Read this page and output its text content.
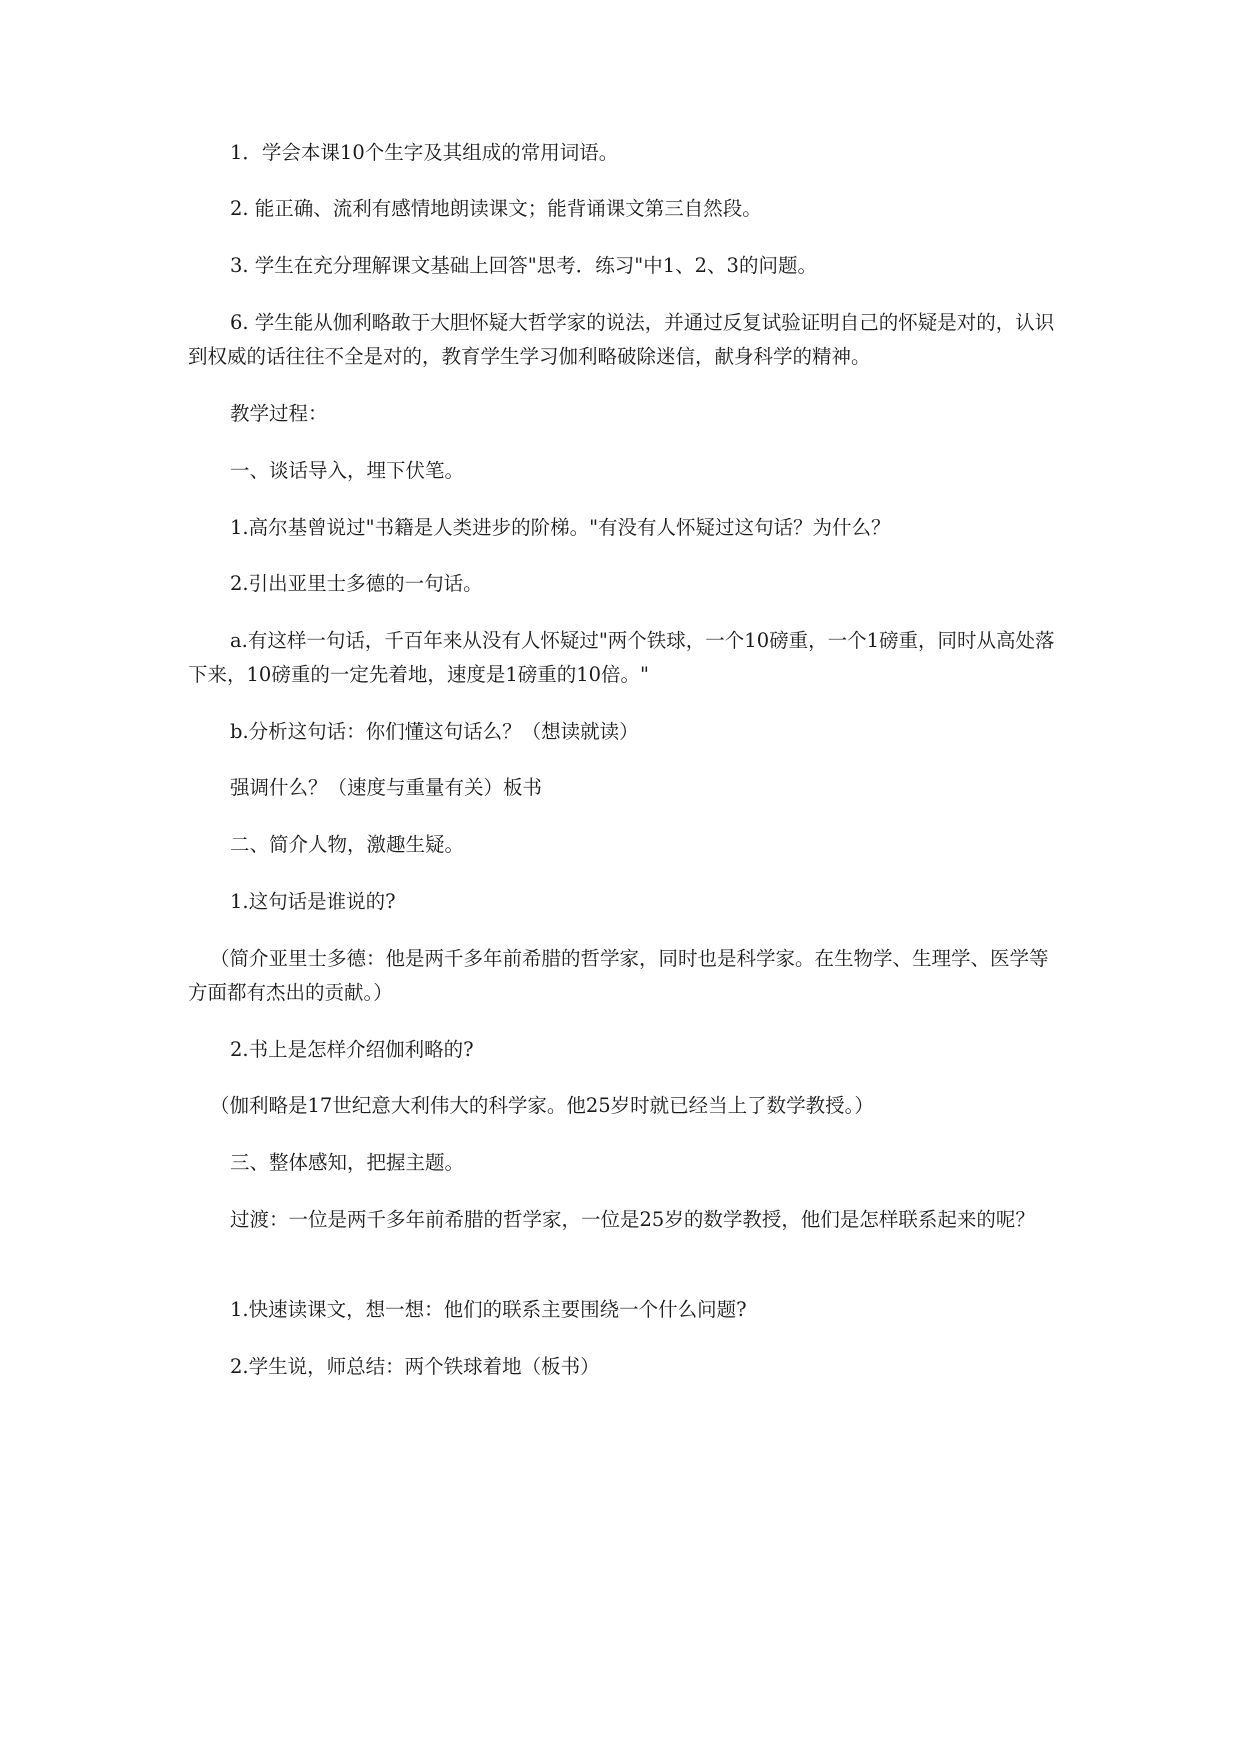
1．学会本课10个生字及其组成的常用词语。

2. 能正确、流利有感情地朗读课文；能背诵课文第三自然段。

3. 学生在充分理解课文基础上回答"思考．练习"中1、2、3的问题。

6. 学生能从伽利略敢于大胆怀疑大哲学家的说法，并通过反复试验证明自己的怀疑是对的，认识到权威的话往往不全是对的，教育学生学习伽利略破除迷信，献身科学的精神。

教学过程：

一、谈话导入，埋下伏笔。

1.高尔基曾说过"书籍是人类进步的阶梯。"有没有人怀疑过这句话？为什么？

2.引出亚里士多德的一句话。

a.有这样一句话，千百年来从没有人怀疑过"两个铁球，一个10磅重，一个1磅重，同时从高处落下来，10磅重的一定先着地，速度是1磅重的10倍。"

b.分析这句话：你们懂这句话么？（想读就读）

强调什么？（速度与重量有关）板书

二、简介人物，激趣生疑。

1.这句话是谁说的?

（简介亚里士多德：他是两千多年前希腊的哲学家，同时也是科学家。在生物学、生理学、医学等方面都有杰出的贡献。）

2.书上是怎样介绍伽利略的?

（伽利略是17世纪意大利伟大的科学家。他25岁时就已经当上了数学教授。）

三、整体感知，把握主题。

过渡：一位是两千多年前希腊的哲学家，一位是25岁的数学教授，他们是怎样联系起来的呢？

1.快速读课文，想一想：他们的联系主要围绕一个什么问题?

2.学生说，师总结：两个铁球着地（板书）
